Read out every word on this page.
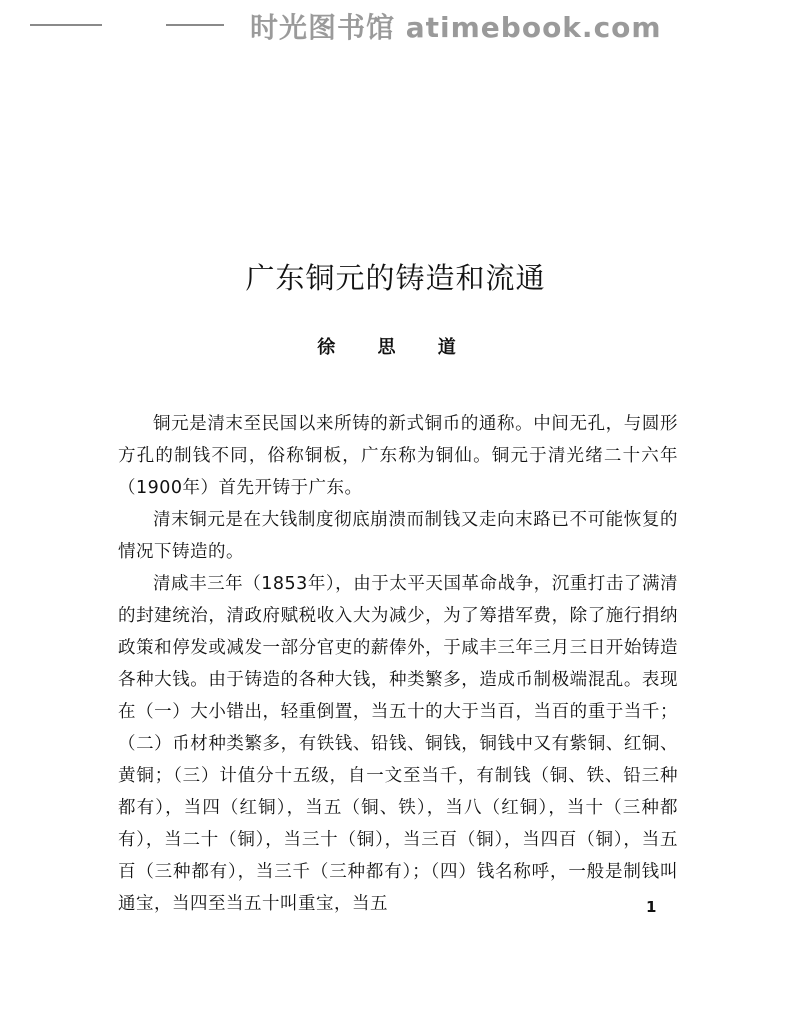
时光图书馆 atimebook.com
广东铜元的铸造和流通
徐 思 道

铜元是清末至民国以来所铸的新式铜币的通称。中间无孔，与圆形方孔的制钱不同，俗称铜板，广东称为铜仙。铜元于清光绪二十六年（1900年）首先开铸于广东。

清末铜元是在大钱制度彻底崩溃而制钱又走向末路已不可能恢复的情况下铸造的。

清咸丰三年（1853年），由于太平天国革命战争，沉重打击了满清的封建统治，清政府赋税收入大为减少，为了筹措军费，除了施行捐纳政策和停发或减发一部分官吏的薪俸外，于咸丰三年三月三日开始铸造各种大钱。由于铸造的各种大钱，种类繁多，造成币制极端混乱。表现在（一）大小错出，轻重倒置，当五十的大于当百，当百的重于当千；（二）币材种类繁多，有铁钱、铅钱、铜钱，铜钱中又有紫铜、红铜、黄铜；（三）计值分十五级，自一文至当千，有制钱（铜、铁、铅三种都有），当四（红铜），当五（铜、铁），当八（红铜），当十（三种都有），当二十（铜），当三十（铜），当三百（铜），当四百（铜），当五百（三种都有），当三千（三种都有）；（四）钱名称呼，一般是制钱叫通宝，当四至当五十叫重宝，当五	1
